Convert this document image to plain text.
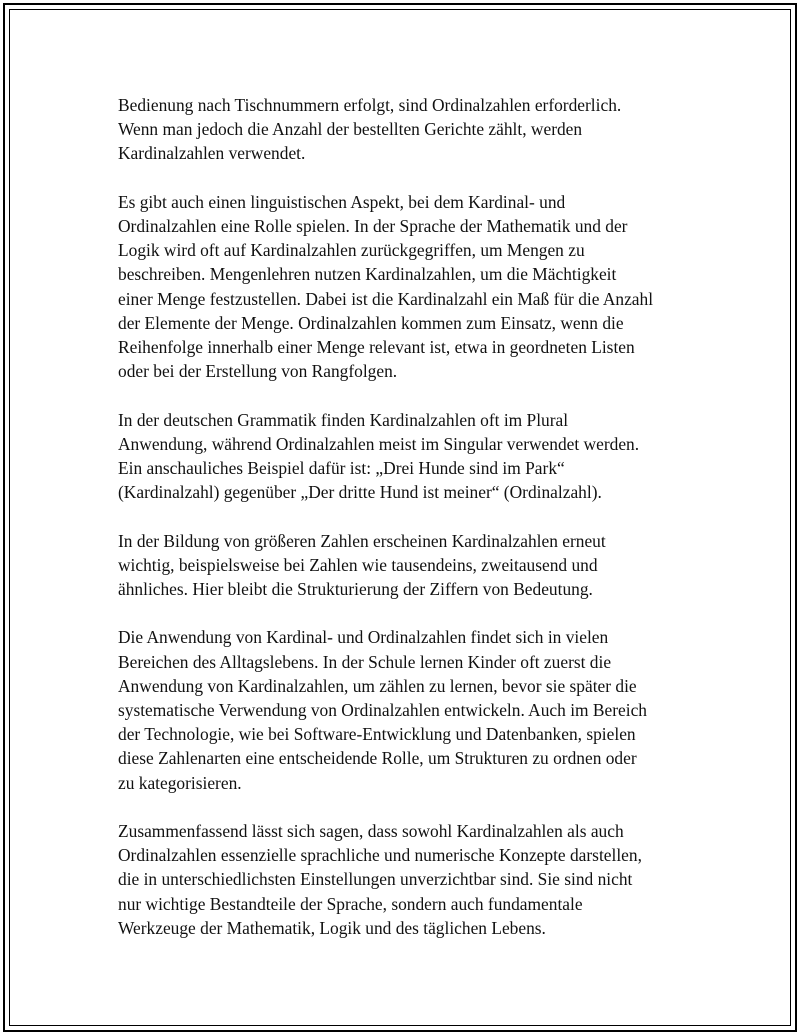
Bedienung nach Tischnummern erfolgt, sind Ordinalzahlen erforderlich.
Wenn man jedoch die Anzahl der bestellten Gerichte zählt, werden
Kardinalzahlen verwendet.

Es gibt auch einen linguistischen Aspekt, bei dem Kardinal- und
Ordinalzahlen eine Rolle spielen. In der Sprache der Mathematik und der
Logik wird oft auf Kardinalzahlen zurückgegriffen, um Mengen zu
beschreiben. Mengenlehren nutzen Kardinalzahlen, um die Mächtigkeit
einer Menge festzustellen. Dabei ist die Kardinalzahl ein Maß für die Anzahl
der Elemente der Menge. Ordinalzahlen kommen zum Einsatz, wenn die
Reihenfolge innerhalb einer Menge relevant ist, etwa in geordneten Listen
oder bei der Erstellung von Rangfolgen.

In der deutschen Grammatik finden Kardinalzahlen oft im Plural
Anwendung, während Ordinalzahlen meist im Singular verwendet werden.
Ein anschauliches Beispiel dafür ist: „Drei Hunde sind im Park“
(Kardinalzahl) gegenüber „Der dritte Hund ist meiner“ (Ordinalzahl).

In der Bildung von größeren Zahlen erscheinen Kardinalzahlen erneut
wichtig, beispielsweise bei Zahlen wie tausendeins, zweitausend und
ähnliches. Hier bleibt die Strukturierung der Ziffern von Bedeutung.

Die Anwendung von Kardinal- und Ordinalzahlen findet sich in vielen
Bereichen des Alltagslebens. In der Schule lernen Kinder oft zuerst die
Anwendung von Kardinalzahlen, um zählen zu lernen, bevor sie später die
systematische Verwendung von Ordinalzahlen entwickeln. Auch im Bereich
der Technologie, wie bei Software-Entwicklung und Datenbanken, spielen
diese Zahlenarten eine entscheidende Rolle, um Strukturen zu ordnen oder
zu kategorisieren.

Zusammenfassend lässt sich sagen, dass sowohl Kardinalzahlen als auch
Ordinalzahlen essenzielle sprachliche und numerische Konzepte darstellen,
die in unterschiedlichsten Einstellungen unverzichtbar sind. Sie sind nicht
nur wichtige Bestandteile der Sprache, sondern auch fundamentale
Werkzeuge der Mathematik, Logik und des täglichen Lebens.
